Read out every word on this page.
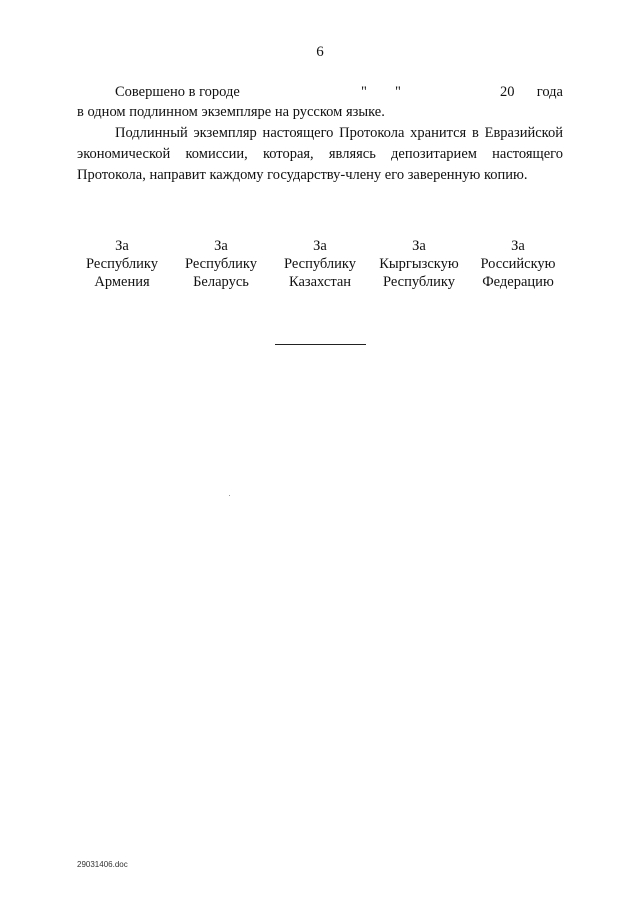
6
Совершено в городе	" "	20 года
в одном подлинном экземпляре на русском языке.
Подлинный экземпляр настоящего Протокола хранится в Евразийской экономической комиссии, которая, являясь депозитарием настоящего Протокола, направит каждому государству-члену его заверенную копию.
За
Республику
Армения
За
Республику
Беларусь
За
Республику
Казахстан
За
Кыргызскую
Республику
За
Российскую
Федерацию
29031406.doc
